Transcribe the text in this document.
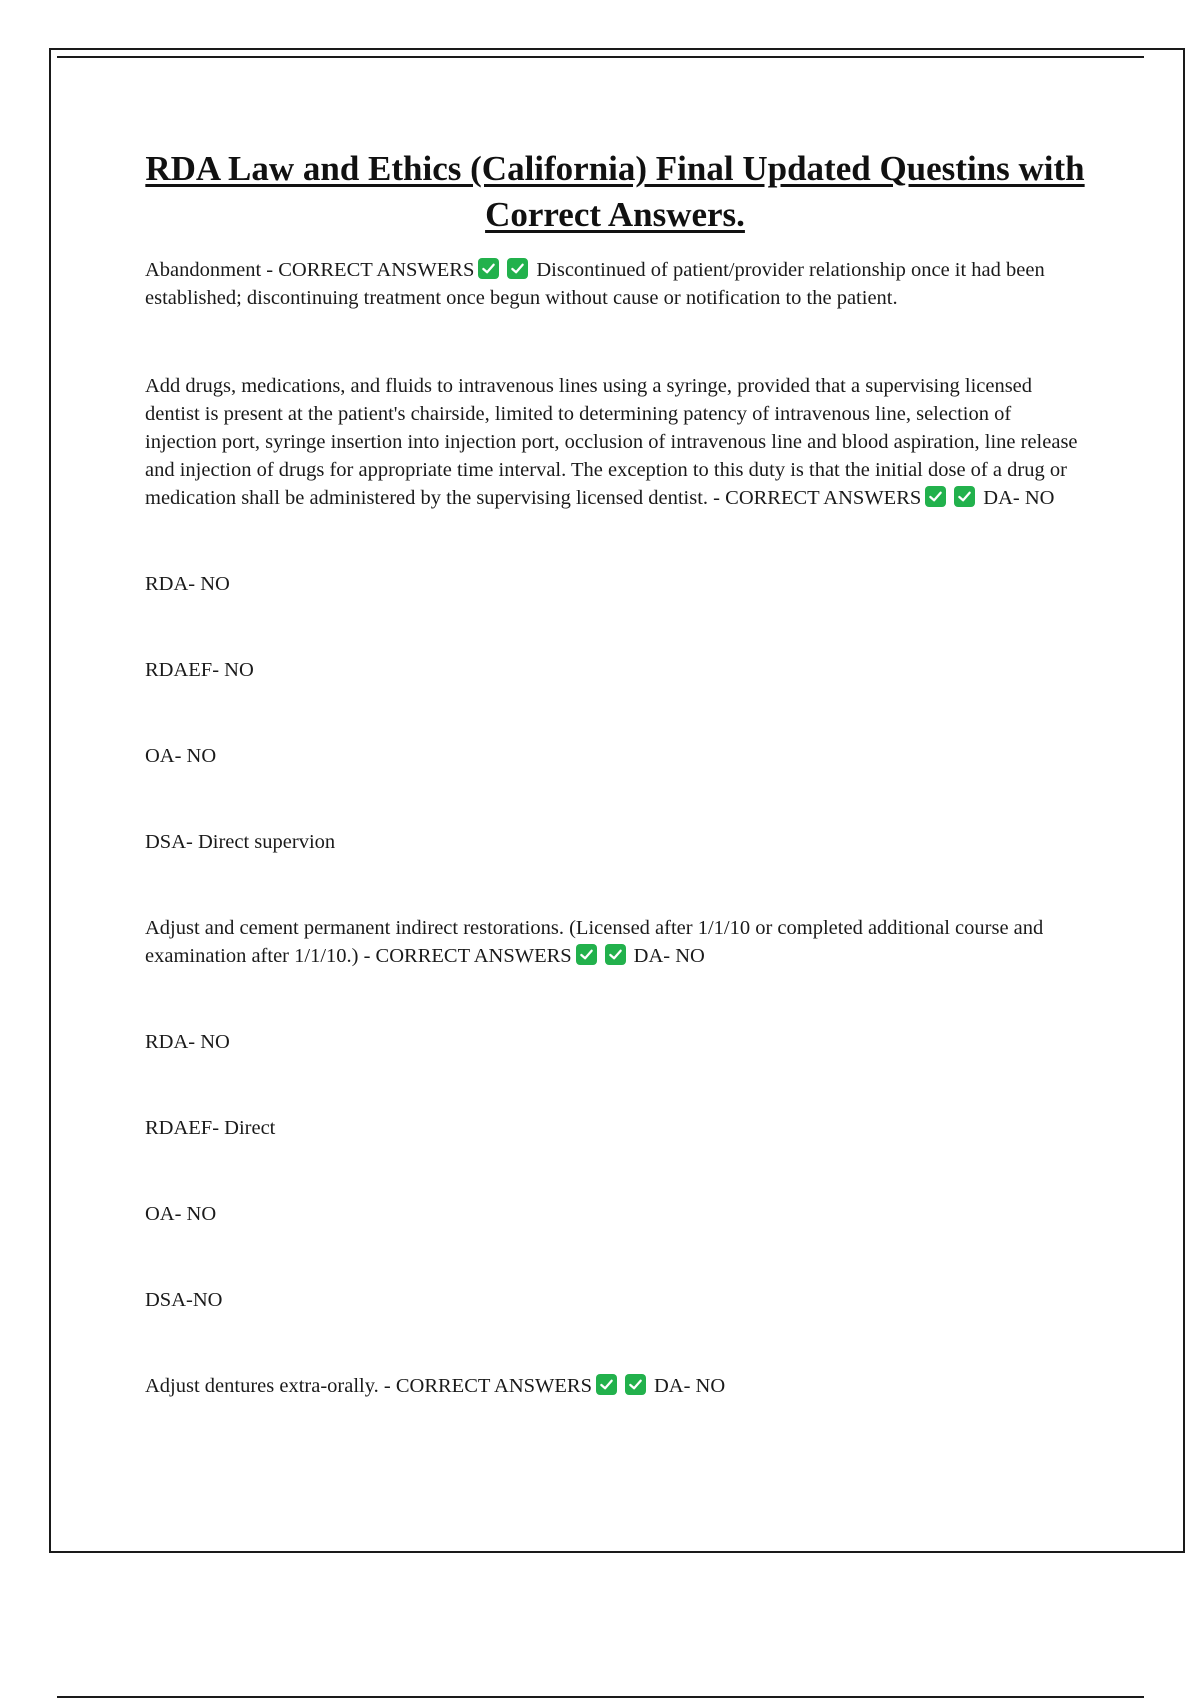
RDA Law and Ethics (California) Final Updated Questins with Correct Answers.

Abandonment - CORRECT ANSWERS	Discontinued of patient/provider relationship once it had been established; discontinuing treatment once begun without cause or notification to the patient.

Add drugs, medications, and fluids to intravenous lines using a syringe, provided that a supervising licensed dentist is present at the patient's chairside, limited to determining patency of intravenous line, selection of injection port, syringe insertion into injection port, occlusion of intravenous line and blood aspiration, line release and injection of drugs for appropriate time interval. The exception to this duty is that the initial dose of a drug or medication shall be administered by the supervising licensed dentist. - CORRECT ANSWERS	DA- NO

RDA- NO

RDAEF- NO

OA- NO

DSA- Direct supervion

Adjust and cement permanent indirect restorations. (Licensed after 1/1/10 or completed additional course and examination after 1/1/10.) - CORRECT ANSWERS	DA- NO

RDA- NO

RDAEF- Direct

OA- NO

DSA-NO

Adjust dentures extra-orally. - CORRECT ANSWERS	DA- NO
